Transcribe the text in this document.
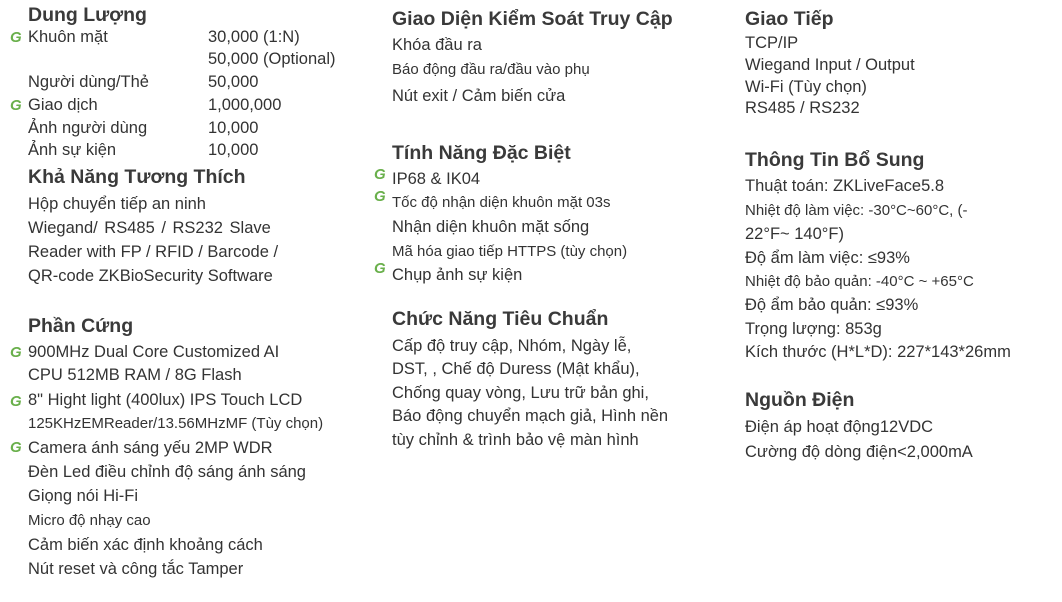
Dung Lượng
G Khuôn mặt	30,000 (1:N)
50,000 (Optional)
Người dùng/Thẻ	50,000
G Giao dịch	1,000,000
Ảnh người dùng	10,000
Ảnh sự kiện	10,000
Khả Năng Tương Thích
Hộp chuyển tiếp an ninh
Wiegand/ RS485 / RS232 Slave
Reader with FP / RFID / Barcode /
QR-code ZKBioSecurity Software
Phần Cứng
G 900MHz Dual Core Customized AI
CPU 512MB RAM / 8G Flash
G 8" Hight light (400lux) IPS Touch LCD
125KHzEMReader/13.56MHzMF (Tùy chọn)
G Camera ánh sáng yếu 2MP WDR
Đèn Led điều chỉnh độ sáng ánh sáng
Giọng nói Hi-Fi
Micro độ nhạy cao
Cảm biến xác định khoảng cách
Nút reset và công tắc Tamper
Giao Diện Kiểm Soát Truy Cập
Khóa đầu ra
Báo động đầu ra/đầu vào phụ
Nút exit / Cảm biến cửa
Tính Năng Đặc Biệt
G IP68 & IK04
G Tốc độ nhận diện khuôn mặt 03s
Nhận diện khuôn mặt sống
Mã hóa giao tiếp HTTPS (tùy chọn)
G Chụp ảnh sự kiện
Chức Năng Tiêu Chuẩn
Cấp độ truy cập, Nhóm, Ngày lễ,
DST, , Chế độ Duress (Mật khẩu),
Chống quay vòng, Lưu trữ bản ghi,
Báo động chuyển mạch giả, Hình nền
tùy chỉnh & trình bảo vệ màn hình
Giao Tiếp
TCP/IP
Wiegand Input / Output
Wi-Fi (Tùy chọn)
RS485 / RS232
Thông Tin Bổ Sung
Thuật toán: ZKLiveFace5.8
Nhiệt độ làm việc: -30°C~60°C, (-
22°F~ 140°F)
Độ ẩm làm việc: ≤93%
Nhiệt độ bảo quản: -40°C ~ +65°C
Độ ẩm bảo quản: ≤93%
Trọng lượng: 853g
Kích thước (H*L*D): 227*143*26mm
Nguồn Điện
Điện áp hoạt động12VDC
Cường độ dòng điện<2,000mA
